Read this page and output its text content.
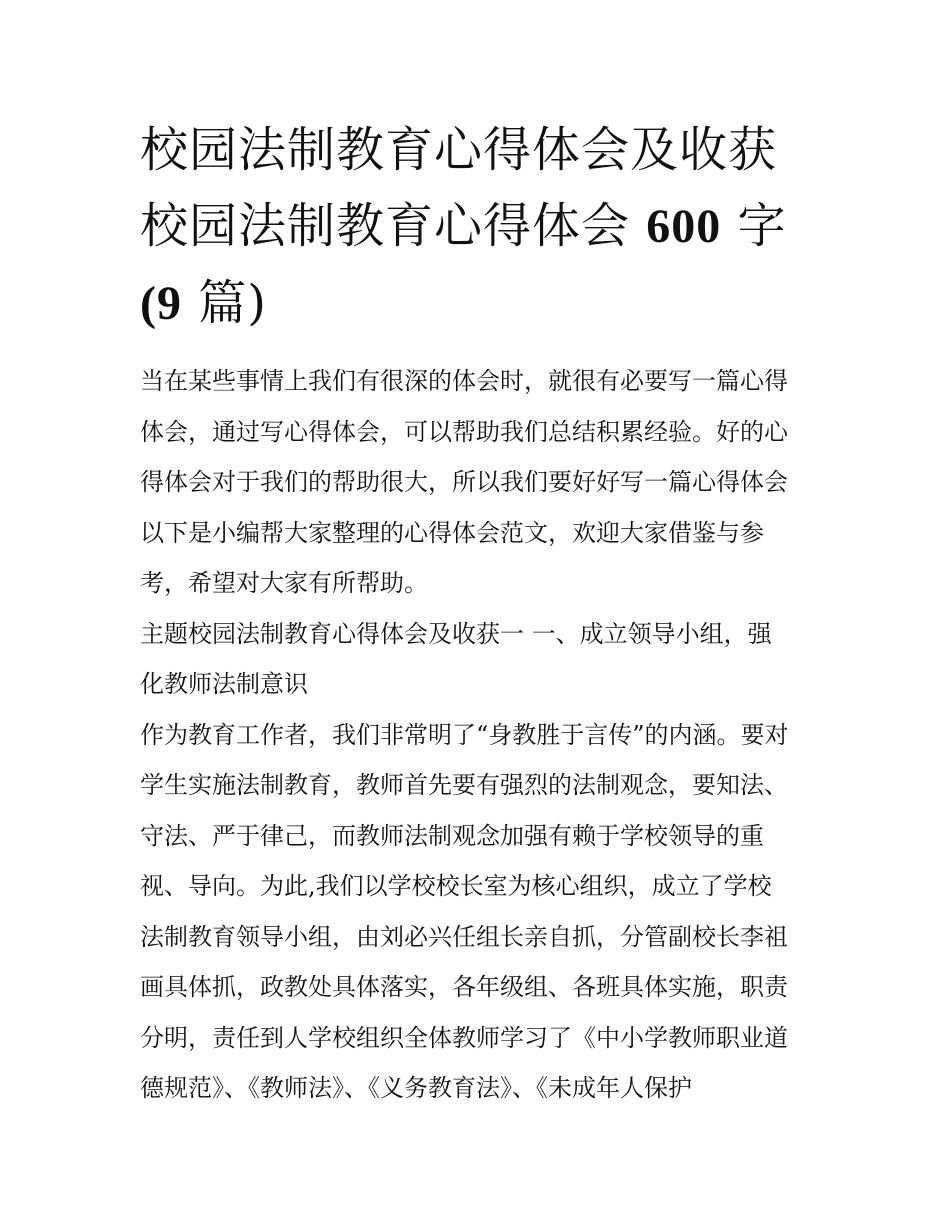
校园法制教育心得体会及收获
校园法制教育心得体会 600 字
(9 篇)
当在某些事情上我们有很深的体会时，就很有必要写一篇心得
体会，通过写心得体会，可以帮助我们总结积累经验。好的心
得体会对于我们的帮助很大，所以我们要好好写一篇心得体会
以下是小编帮大家整理的心得体会范文，欢迎大家借鉴与参
考，希望对大家有所帮助。
主题校园法制教育心得体会及收获一 一、成立领导小组，强
化教师法制意识
作为教育工作者，我们非常明了“身教胜于言传”的内涵。要对
学生实施法制教育，教师首先要有强烈的法制观念，要知法、
守法、严于律己，而教师法制观念加强有赖于学校领导的重
视、导向。为此,我们以学校校长室为核心组织，成立了学校
法制教育领导小组，由刘必兴任组长亲自抓，分管副校长李祖
画具体抓，政教处具体落实，各年级组、各班具体实施，职责
分明，责任到人学校组织全体教师学习了《中小学教师职业道
德规范》、《教师法》、《义务教育法》、《未成年人保护
